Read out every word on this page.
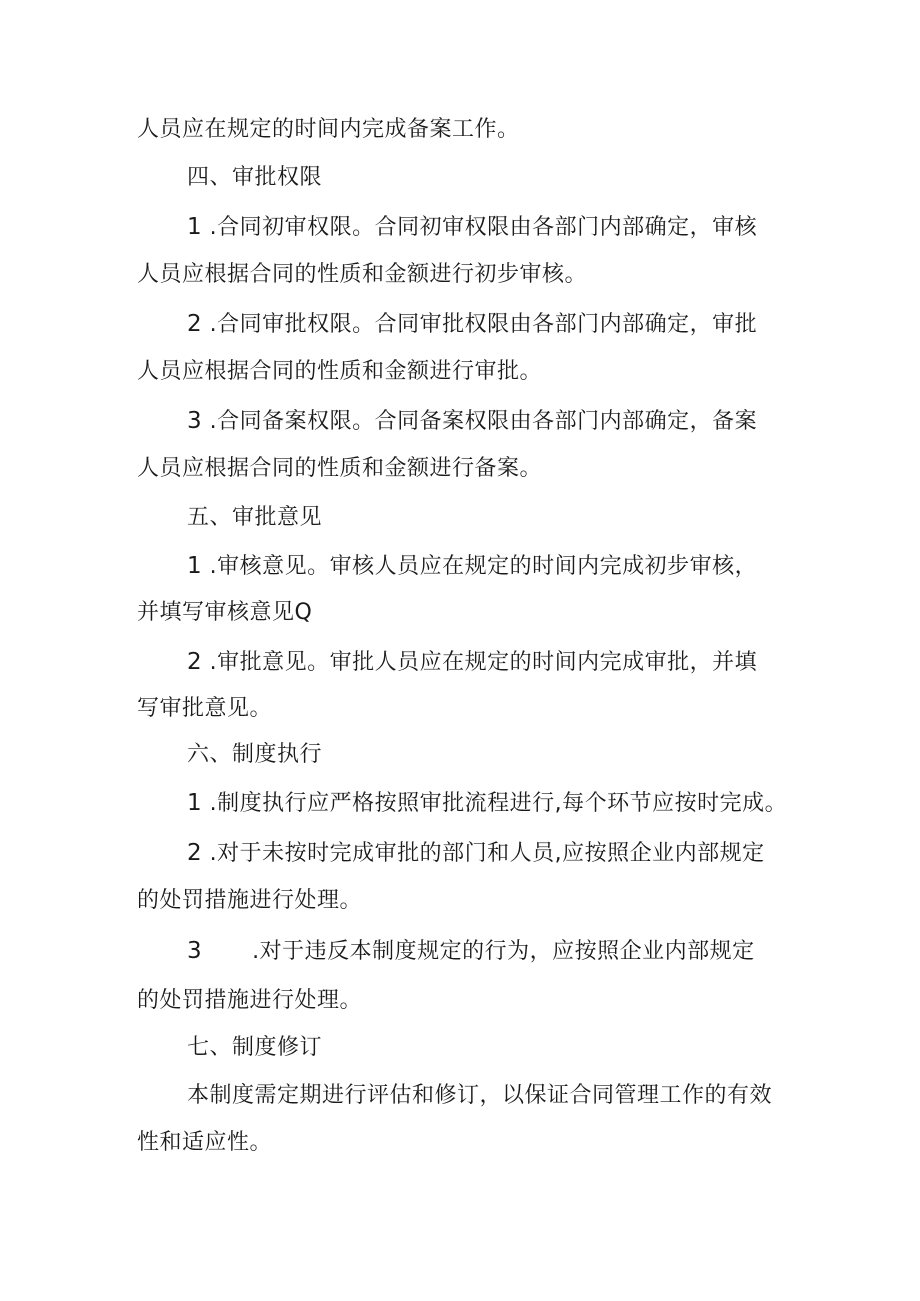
人员应在规定的时间内完成备案工作。
四、审批权限
1 .合同初审权限。合同初审权限由各部门内部确定，审核
人员应根据合同的性质和金额进行初步审核。
2 .合同审批权限。合同审批权限由各部门内部确定，审批
人员应根据合同的性质和金额进行审批。
3 .合同备案权限。合同备案权限由各部门内部确定，备案
人员应根据合同的性质和金额进行备案。
五、审批意见
1 .审核意见。审核人员应在规定的时间内完成初步审核，
并填写审核意见Q
2 .审批意见。审批人员应在规定的时间内完成审批，并填
写审批意见。
六、制度执行
1 .制度执行应严格按照审批流程进行,每个环节应按时完成。
2 .对于未按时完成审批的部门和人员,应按照企业内部规定
的处罚措施进行处理。
3 .对于违反本制度规定的行为，应按照企业内部规定
的处罚措施进行处理。
七、制度修订
本制度需定期进行评估和修订，以保证合同管理工作的有效
性和适应性。
